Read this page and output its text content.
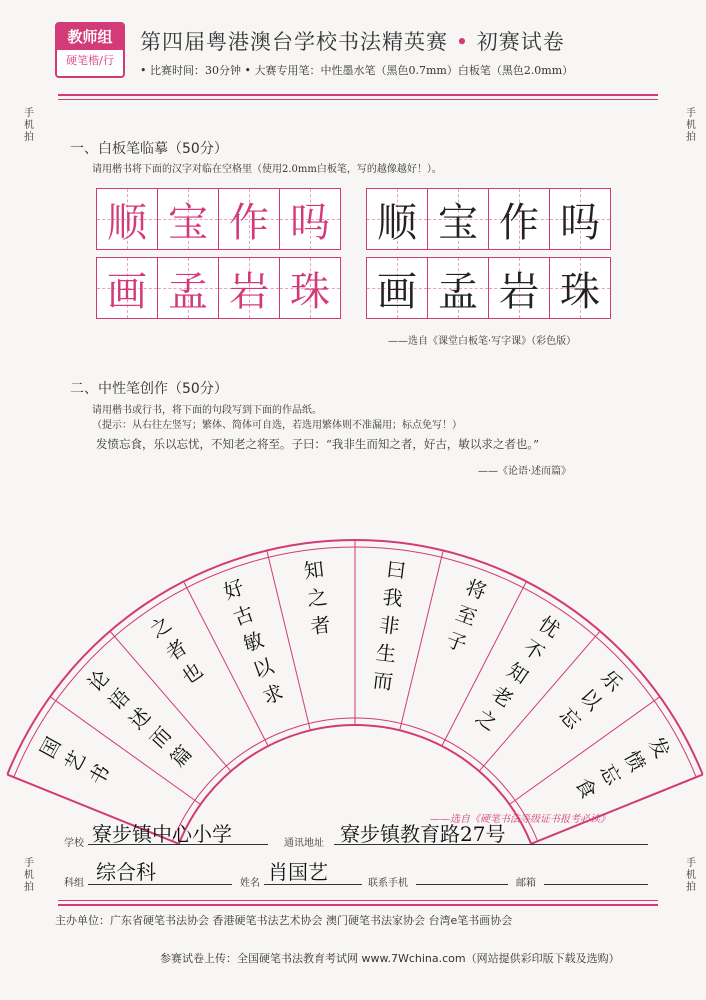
教师组
硬笔楷/行
第四届粤港澳台学校书法精英赛 • 初赛试卷
• 比赛时间：30分钟 • 大赛专用笔：中性墨水笔（黑色0.7mm）白板笔（黑色2.0mm）
手机拍
手机拍
手机拍
手机拍
一、白板笔临摹（50分）
请用楷书将下面的汉字对临在空格里（使用2.0mm白板笔，写的越像越好！）。
顺 宝 作 吗
画 孟 岩 珠
顺 宝 作 吗
画 孟 岩 珠
——选自《课堂白板笔·写字课》（彩色版）
二、中性笔创作（50分）
请用楷书或行书，将下面的句段写到下面的作品纸。
（提示：从右往左竖写；繁体、简体可自选，若选用繁体则不准漏用；标点免写！）
发愤忘食，乐以忘忧，不知老之将至。子曰：“我非生而知之者，好古，敏以求之者也。”
——《论语·述而篇》
发
愤
忘
食
乐
以
忘
忧
不
知
老
之
将
至
子
曰
我
非
生
而
知
之
者
好
古
敏
以
求
之
者
也
论
语
述
而
篇
国
艺
书
——选自《硬笔书法等级证书报考必读》
学校 寮步镇中心小学	通讯地址 寮步镇教育路27号
科组 综合科	姓名 肖国艺	联系手机	邮箱
主办单位：广东省硬笔书法协会 香港硬笔书法艺术协会 澳门硬笔书法家协会 台湾e笔书画协会
参赛试卷上传：全国硬笔书法教育考试网 www.7Wchina.com（网站提供彩印版下载及选购）
